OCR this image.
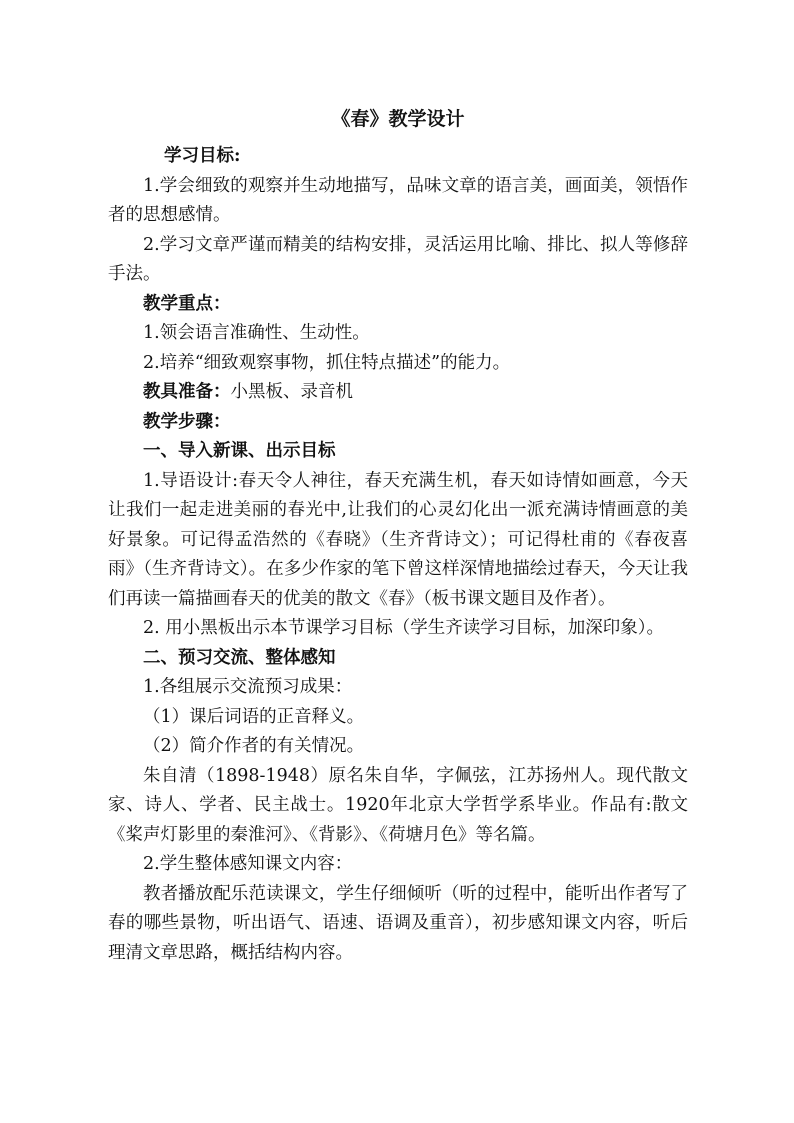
《春》教学设计
学习目标:

1.学会细致的观察并生动地描写，品味文章的语言美，画面美，领悟作者的思想感情。

2.学习文章严谨而精美的结构安排，灵活运用比喻、排比、拟人等修辞手法。

教学重点：

1.领会语言准确性、生动性。

2.培养“细致观察事物，抓住特点描述”的能力。

教具准备：小黑板、录音机

教学步骤：
一、导入新课、出示目标

1.导语设计:春天令人神往，春天充满生机，春天如诗情如画意，今天让我们一起走进美丽的春光中,让我们的心灵幻化出一派充满诗情画意的美好景象。可记得孟浩然的《春晓》（生齐背诗文）；可记得杜甫的《春夜喜雨》（生齐背诗文）。在多少作家的笔下曾这样深情地描绘过春天，今天让我们再读一篇描画春天的优美的散文《春》（板书课文题目及作者）。

2. 用小黑板出示本节课学习目标（学生齐读学习目标，加深印象）。

二、预习交流、整体感知

1.各组展示交流预习成果：

（1）课后词语的正音释义。

（2）简介作者的有关情况。

朱自清（1898-1948）原名朱自华，字佩弦，江苏扬州人。现代散文家、诗人、学者、民主战士。1920年北京大学哲学系毕业。作品有:散文《桨声灯影里的秦淮河》、《背影》、《荷塘月色》等名篇。

2.学生整体感知课文内容：

教者播放配乐范读课文，学生仔细倾听（听的过程中，能听出作者写了春的哪些景物，听出语气、语速、语调及重音），初步感知课文内容，听后理清文章思路，概括结构内容。
